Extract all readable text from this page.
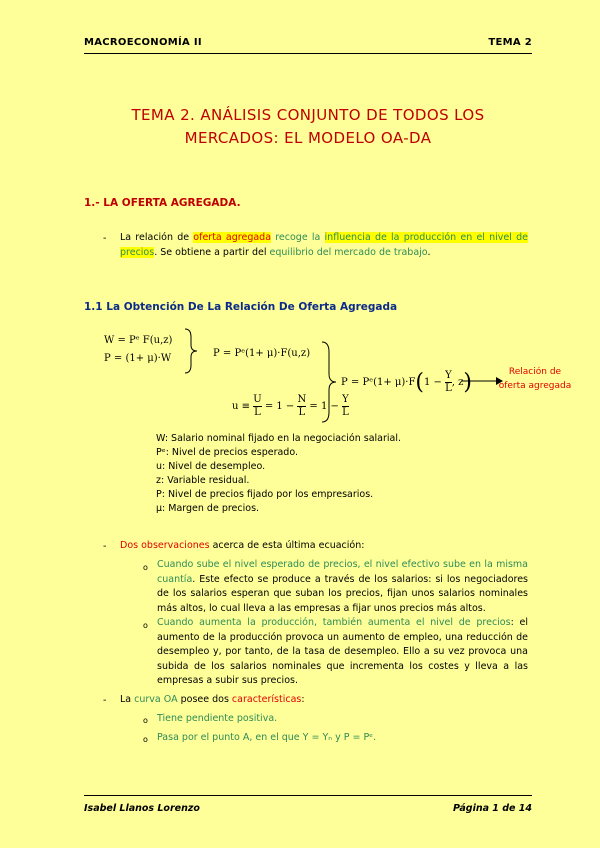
MACROECONOMÍA II	TEMA 2
TEMA 2. ANÁLISIS CONJUNTO DE TODOS LOS
MERCADOS: EL MODELO OA-DA
1.- LA OFERTA AGREGADA.
- La relación de oferta agregada recoge la influencia de la producción en el nivel de precios. Se obtiene a partir del equilibrio del mercado de trabajo.
1.1 La Obtención De La Relación De Oferta Agregada
W = Pᵉ F(u,z)
P = (1+ μ)·W	P = Pᵉ(1+ μ)·F(u,z)
$u \equiv \frac{U}{L} = 1 - \frac{N}{L} = 1 - \frac{Y}{L}$
P = Pᵉ(1+ $\mu)\cdot F(1 - \frac{Y}{L}$ , z)	Relación de
oferta agregada
W: Salario nominal fijado en la negociación salarial.
Pᵉ: Nivel de precios esperado.
u: Nivel de desempleo.
z: Variable residual.
P: Nivel de precios fijado por los empresarios.
μ: Margen de precios.
- Dos observaciones acerca de esta última ecuación:
o Cuando sube el nivel esperado de precios, el nivel efectivo sube en la misma cuantía. Este efecto se produce a través de los salarios: si los negociadores de los salarios esperan que suban los precios, fijan unos salarios nominales más altos, lo cual lleva a las empresas a fijar unos precios más altos.
o Cuando aumenta la producción, también aumenta el nivel de precios: el aumento de la producción provoca un aumento de empleo, una reducción de desempleo y, por tanto, de la tasa de desempleo. Ello a su vez provoca una subida de los salarios nominales que incrementa los costes y lleva a las empresas a subir sus precios.
- La curva OA posee dos características:
o Tiene pendiente positiva.
o Pasa por el punto A, en el que Y = Yₙ y P = Pᵉ.
Isabel Llanos Lorenzo	Página 1 de 14
